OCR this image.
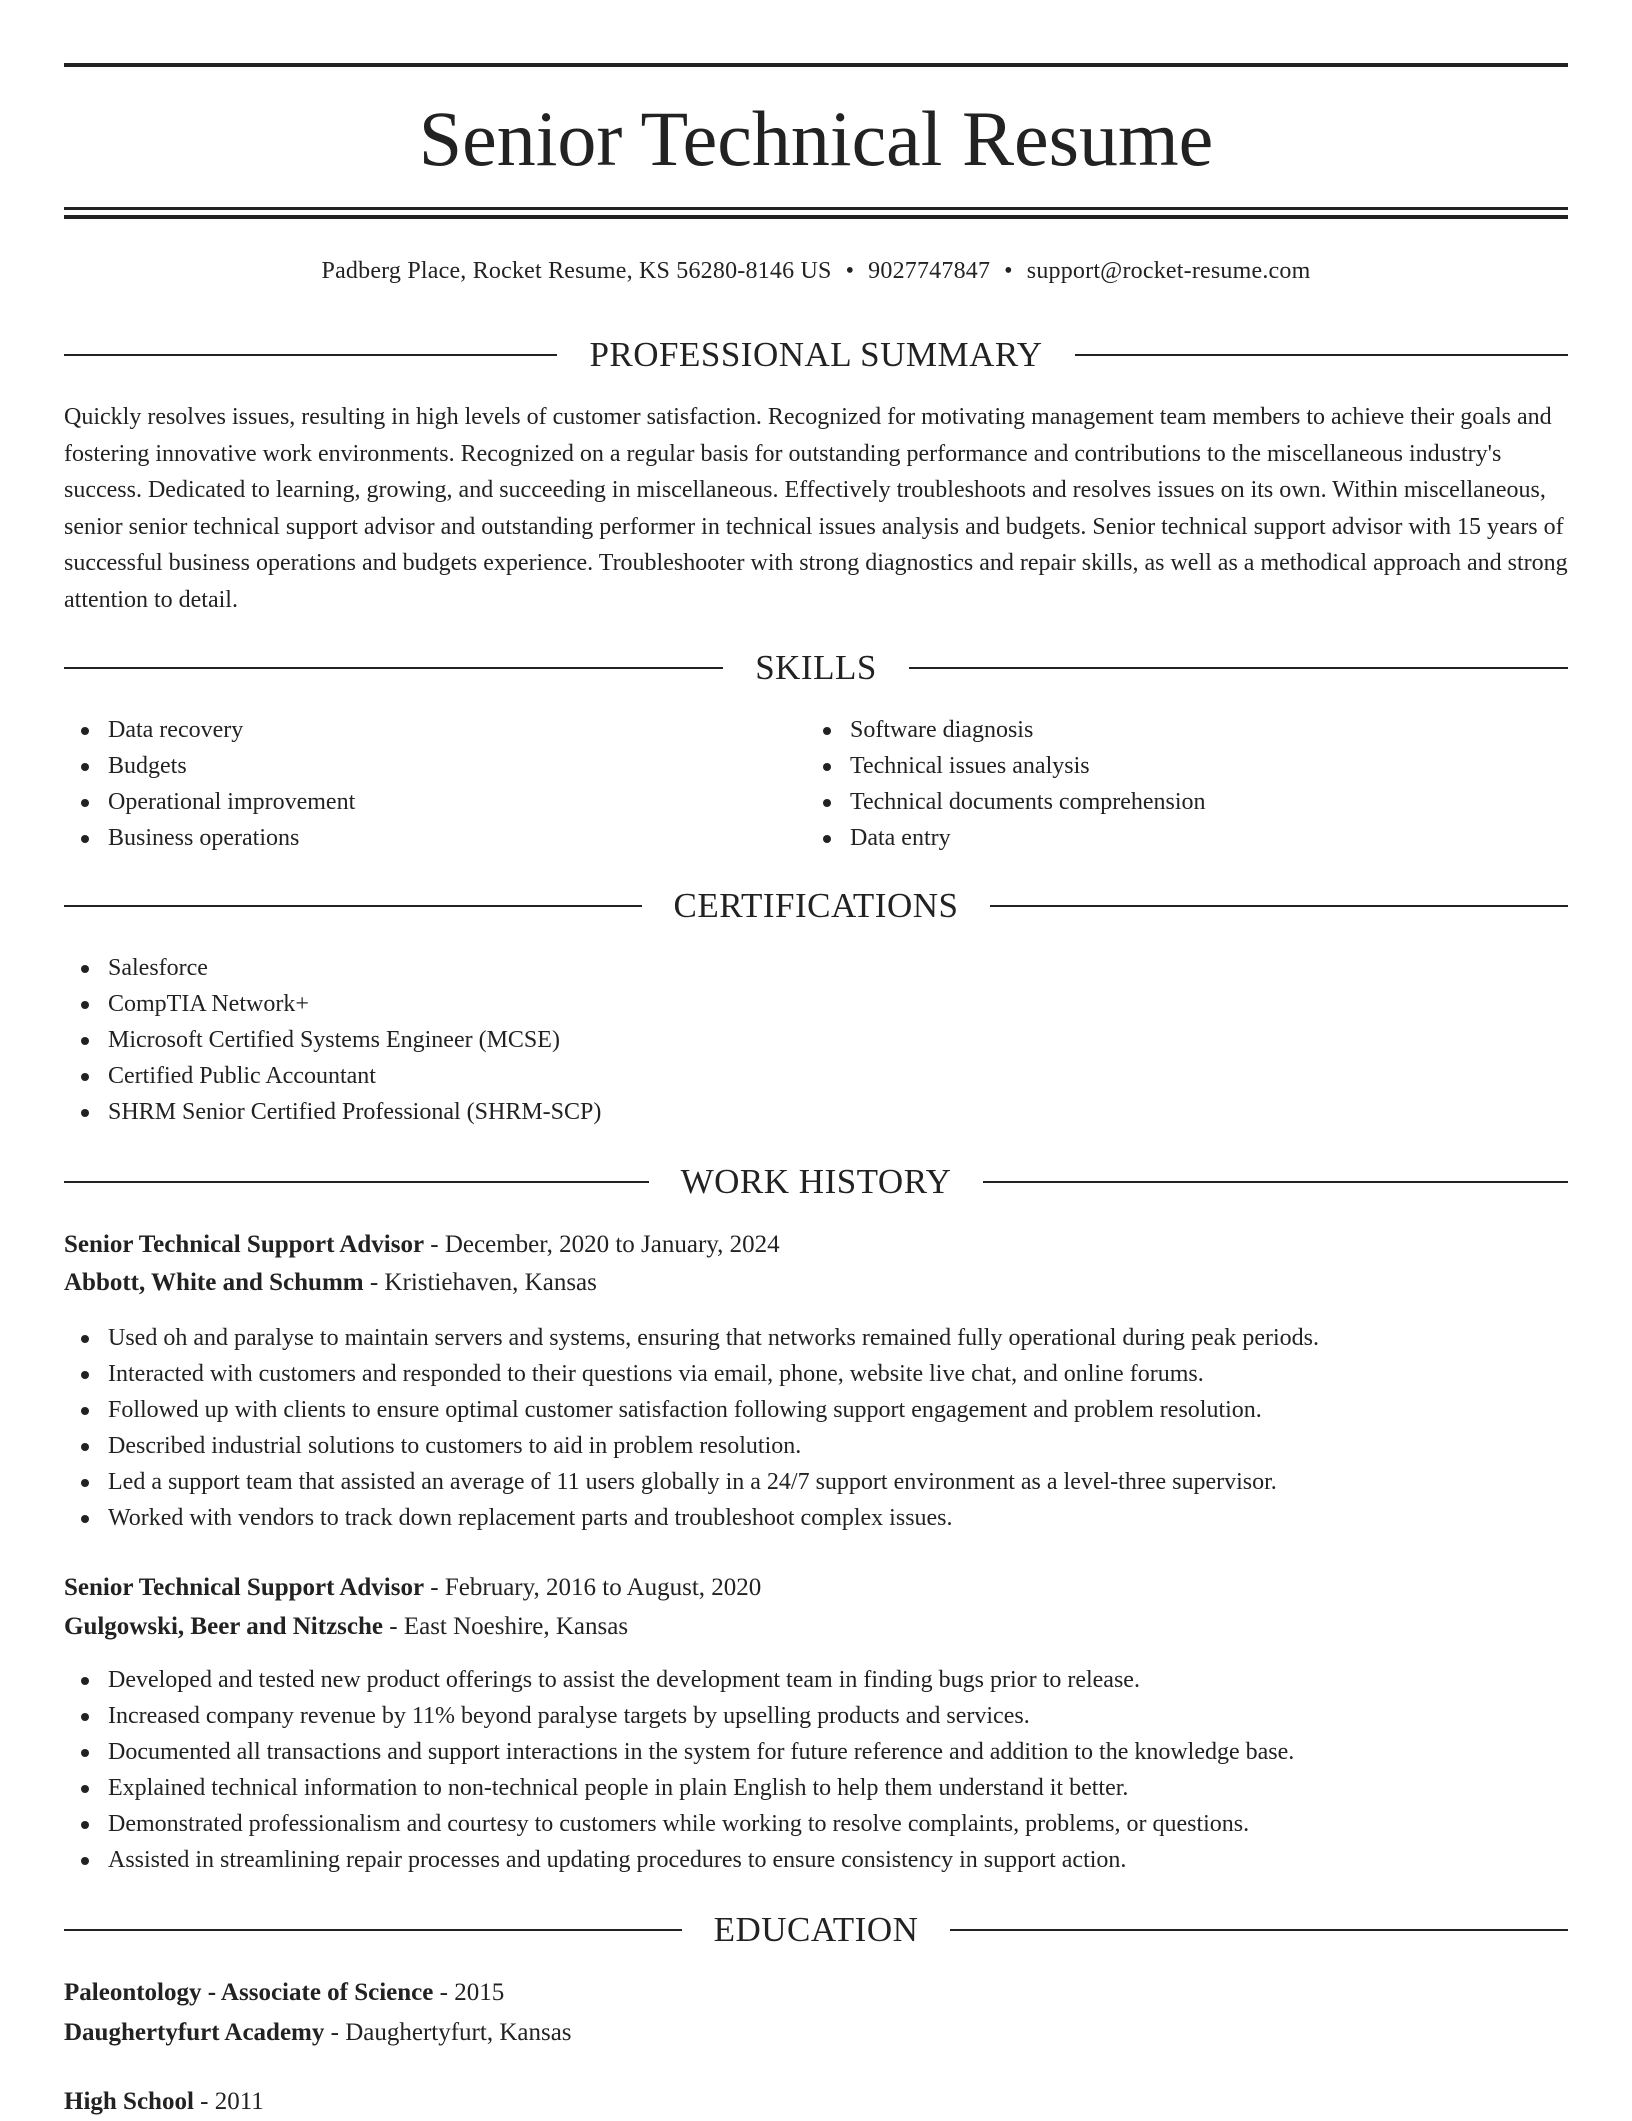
Senior Technical Resume
Padberg Place, Rocket Resume, KS 56280-8146 US • 9027747847 • support@rocket-resume.com
PROFESSIONAL SUMMARY

Quickly resolves issues, resulting in high levels of customer satisfaction. Recognized for motivating management team members to achieve their goals and fostering innovative work environments. Recognized on a regular basis for outstanding performance and contributions to the miscellaneous industry's success. Dedicated to learning, growing, and succeeding in miscellaneous. Effectively troubleshoots and resolves issues on its own. Within miscellaneous, senior senior technical support advisor and outstanding performer in technical issues analysis and budgets. Senior technical support advisor with 15 years of successful business operations and budgets experience. Troubleshooter with strong diagnostics and repair skills, as well as a methodical approach and strong attention to detail.

SKILLS
Data recovery
Budgets
Operational improvement
Business operations
Software diagnosis
Technical issues analysis
Technical documents comprehension
Data entry
CERTIFICATIONS
Salesforce
CompTIA Network+
Microsoft Certified Systems Engineer (MCSE)
Certified Public Accountant
SHRM Senior Certified Professional (SHRM-SCP)
WORK HISTORY
Senior Technical Support Advisor - December, 2020 to January, 2024
Abbott, White and Schumm - Kristiehaven, Kansas
Used oh and paralyse to maintain servers and systems, ensuring that networks remained fully operational during peak periods.
Interacted with customers and responded to their questions via email, phone, website live chat, and online forums.
Followed up with clients to ensure optimal customer satisfaction following support engagement and problem resolution.
Described industrial solutions to customers to aid in problem resolution.
Led a support team that assisted an average of 11 users globally in a 24/7 support environment as a level-three supervisor.
Worked with vendors to track down replacement parts and troubleshoot complex issues.
Senior Technical Support Advisor - February, 2016 to August, 2020
Gulgowski, Beer and Nitzsche - East Noeshire, Kansas
Developed and tested new product offerings to assist the development team in finding bugs prior to release.
Increased company revenue by 11% beyond paralyse targets by upselling products and services.
Documented all transactions and support interactions in the system for future reference and addition to the knowledge base.
Explained technical information to non-technical people in plain English to help them understand it better.
Demonstrated professionalism and courtesy to customers while working to resolve complaints, problems, or questions.
Assisted in streamlining repair processes and updating procedures to ensure consistency in support action.
EDUCATION
Paleontology - Associate of Science - 2015
Daughertyfurt Academy - Daughertyfurt, Kansas
High School - 2011
